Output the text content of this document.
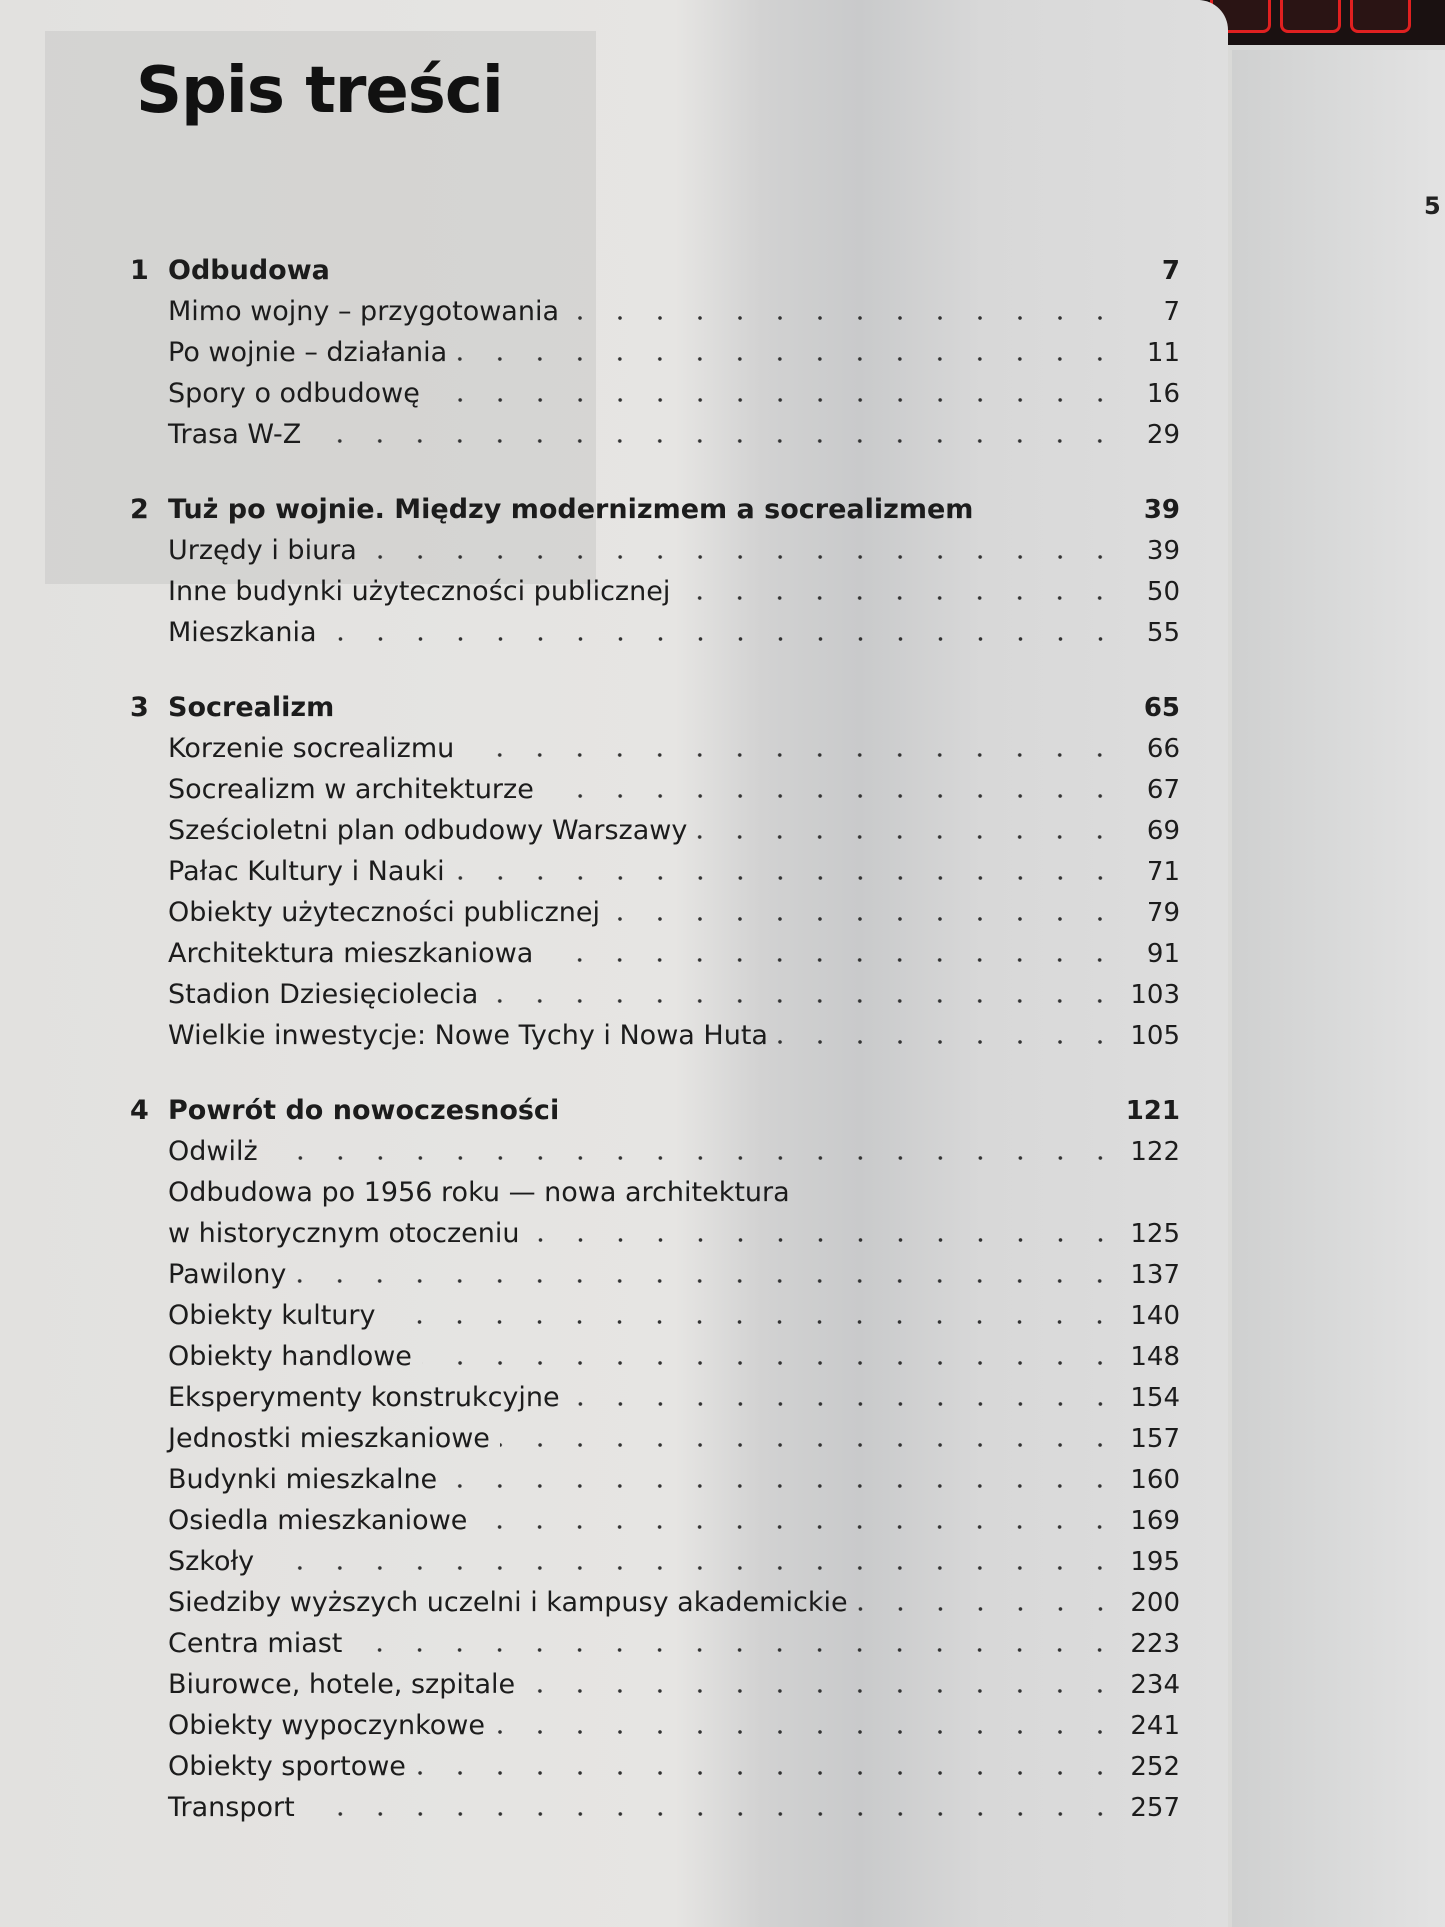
5
Spis treści
1 Odbudowa	7
Mimo wojny – przygotowania	7
Po wojnie – działania	11
Spory o odbudowę	16
Trasa W-Z	29
2 Tuż po wojnie. Między modernizmem a socrealizmem	39
Urzędy i biura	39
Inne budynki użyteczności publicznej	50
Mieszkania	55
3 Socrealizm	65
Korzenie socrealizmu	66
Socrealizm w architekturze	67
Sześcioletni plan odbudowy Warszawy	69
Pałac Kultury i Nauki	71
Obiekty użyteczności publicznej	79
Architektura mieszkaniowa	91
Stadion Dziesięciolecia	103
Wielkie inwestycje: Nowe Tychy i Nowa Huta	105
4 Powrót do nowoczesności	121
Odwilż	122
Odbudowa po 1956 roku — nowa architektura
w historycznym otoczeniu	125
Pawilony	137
Obiekty kultury	140
Obiekty handlowe	148
Eksperymenty konstrukcyjne	154
Jednostki mieszkaniowe	157
Budynki mieszkalne	160
Osiedla mieszkaniowe	169
Szkoły	195
Siedziby wyższych uczelni i kampusy akademickie	200
Centra miast	223
Biurowce, hotele, szpitale	234
Obiekty wypoczynkowe	241
Obiekty sportowe	252
Transport	257
